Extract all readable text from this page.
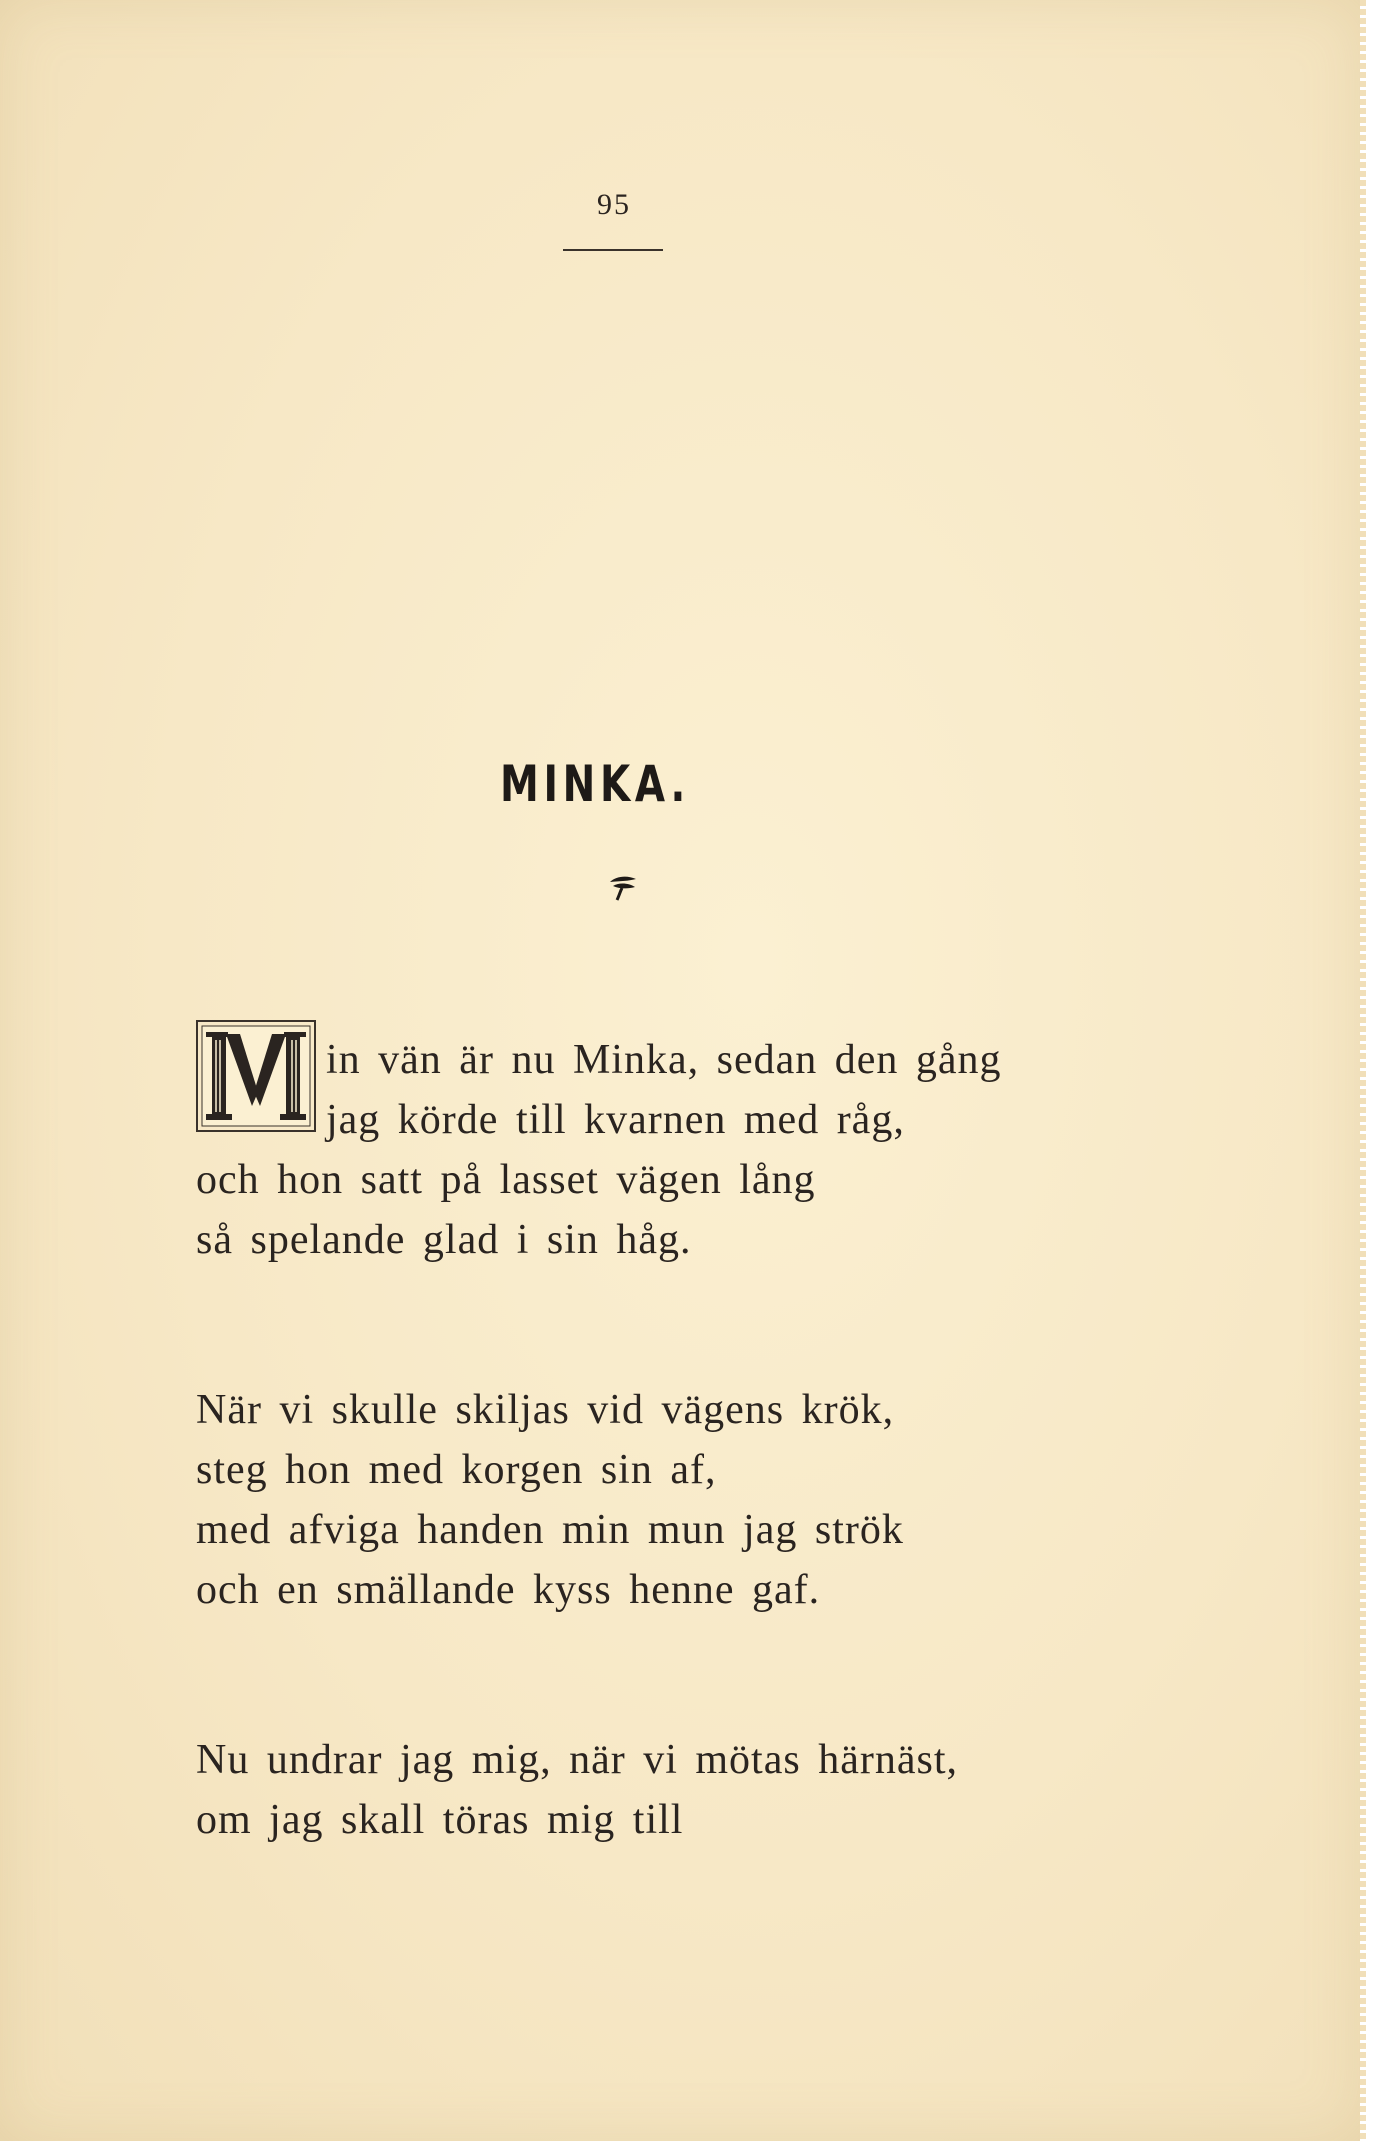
95
MINKA.
M
in vän är nu Minka, sedan den gång
jag körde till kvarnen med råg,
och hon satt på lasset vägen lång
så spelande glad i sin håg.
När vi skulle skiljas vid vägens krök,
steg hon med korgen sin af,
med afviga handen min mun jag strök
och en smällande kyss henne gaf.
Nu undrar jag mig, när vi mötas härnäst,
om jag skall töras mig till
